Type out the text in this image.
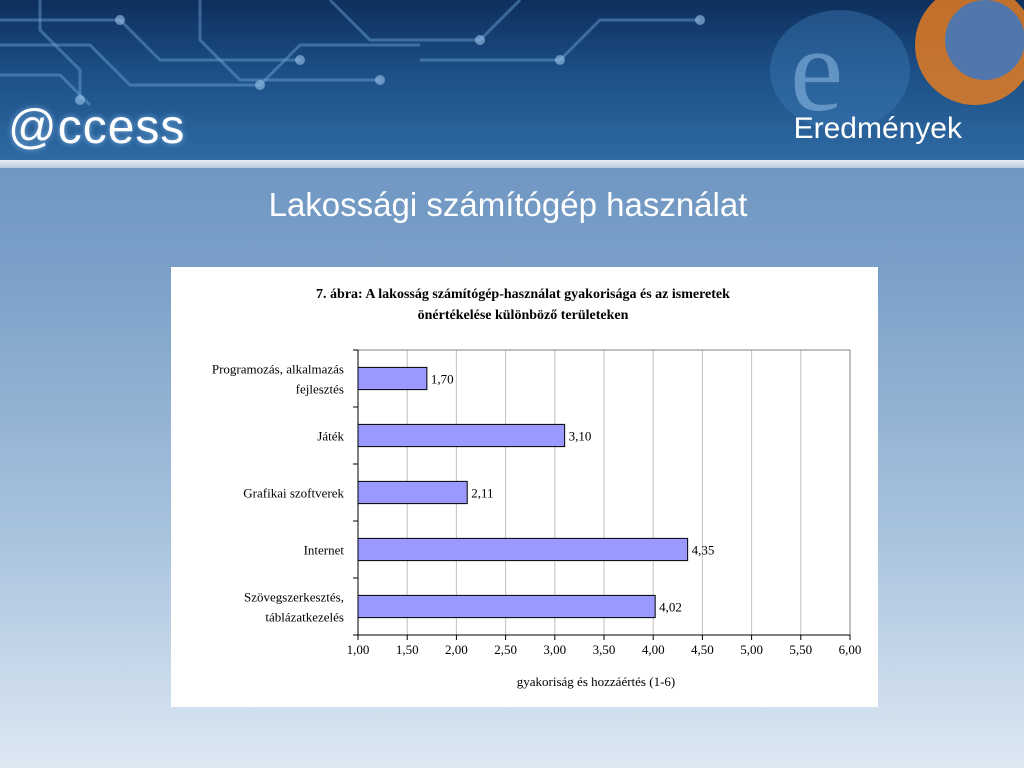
e
@ccess	Eredmények
Lakossági számítógép használat
7. ábra: A lakosság számítógép-használat gyakorisága és az ismeretek
önértékelése különböző területeken
1,00 1,50 2,00 2,50 3,00 3,50 4,00 4,50 5,00 5,50 6,00
gyakoriság és hozzáértés (1-6)
1,70
Programozás, alkalmazás
fejlesztés
3,10
Játék
2,11
Grafikai szoftverek
4,35
Internet
4,02
Szövegszerkesztés,
táblázatkezelés
